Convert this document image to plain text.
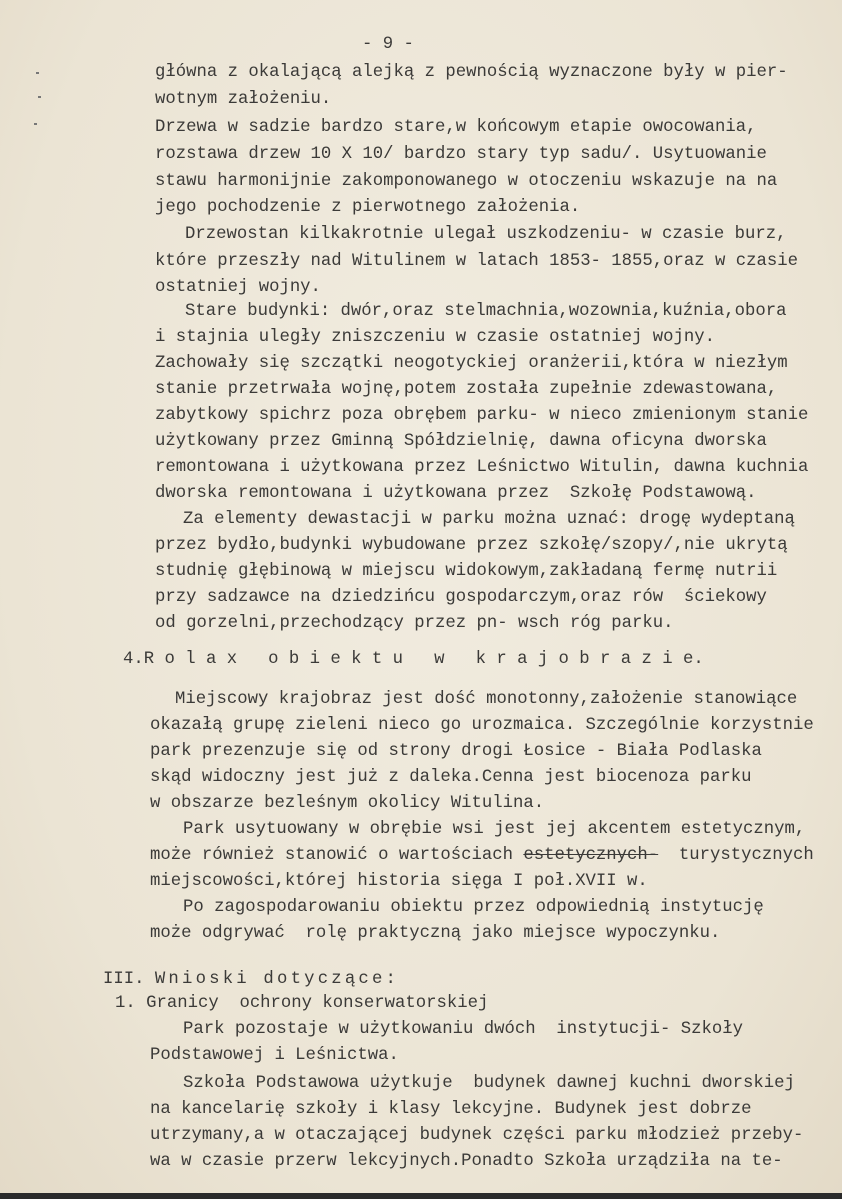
- 9 -
główna z okalającą alejką z pewnością wyznaczone były w pier-
wotnym założeniu.
Drzewa w sadzie bardzo stare,w końcowym etapie owocowania,
rozstawa drzew 10 X 10/ bardzo stary typ sadu/. Usytuowanie
stawu harmonijnie zakomponowanego w otoczeniu wskazuje na na
jego pochodzenie z pierwotnego założenia.
Drzewostan kilkakrotnie ulegał uszkodzeniu- w czasie burz,
które przeszły nad Witulinem w latach 1853- 1855,oraz w czasie
ostatniej wojny.
Stare budynki: dwór,oraz stelmachnia,wozownia,kuźnia,obora
i stajnia uległy zniszczeniu w czasie ostatniej wojny.
Zachowały się szczątki neogotyckiej oranżerii,która w niezłym
stanie przetrwała wojnę,potem została zupełnie zdewastowana,
zabytkowy spichrz poza obrębem parku- w nieco zmienionym stanie
użytkowany przez Gminną Spółdzielnię, dawna oficyna dworska
remontowana i użytkowana przez Leśnictwo Witulin, dawna kuchnia
dworska remontowana i użytkowana przez  Szkołę Podstawową.
Za elementy dewastacji w parku można uznać: drogę wydeptaną
przez bydło,budynki wybudowane przez szkołę/szopy/,nie ukrytą
studnię głębinową w miejscu widokowym,zakładaną fermę nutrii
przy sadzawce na dziedzińcu gospodarczym,oraz rów  ściekowy
od gorzelni,przechodzący przez pn- wsch róg parku.
4.R o l a x   o b i e k t u   w   k r a j o b r a z i e.
Miejscowy krajobraz jest dość monotonny,założenie stanowiące
okazałą grupę zieleni nieco go urozmaica. Szczególnie korzystnie
park prezenzuje się od strony drogi Łosice - Biała Podlaska
skąd widoczny jest już z daleka.Cenna jest biocenoza parku
w obszarze bezleśnym okolicy Witulina.
Park usytuowany w obrębie wsi jest jej akcentem estetycznym,
może również stanowić o wartościach estetycznych-  turystycznych
miejscowości,której historia sięga I poł.XVII w.
Po zagospodarowaniu obiektu przez odpowiednią instytucję
może odgrywać  rolę praktyczną jako miejsce wypoczynku.
III. Wnioski dotyczące:
1. Granicy  ochrony konserwatorskiej
Park pozostaje w użytkowaniu dwóch  instytucji- Szkoły
Podstawowej i Leśnictwa.
Szkoła Podstawowa użytkuje  budynek dawnej kuchni dworskiej
na kancelarię szkoły i klasy lekcyjne. Budynek jest dobrze
utrzymany,a w otaczającej budynek części parku młodzież przeby-
wa w czasie przerw lekcyjnych.Ponadto Szkoła urządziła na te-
